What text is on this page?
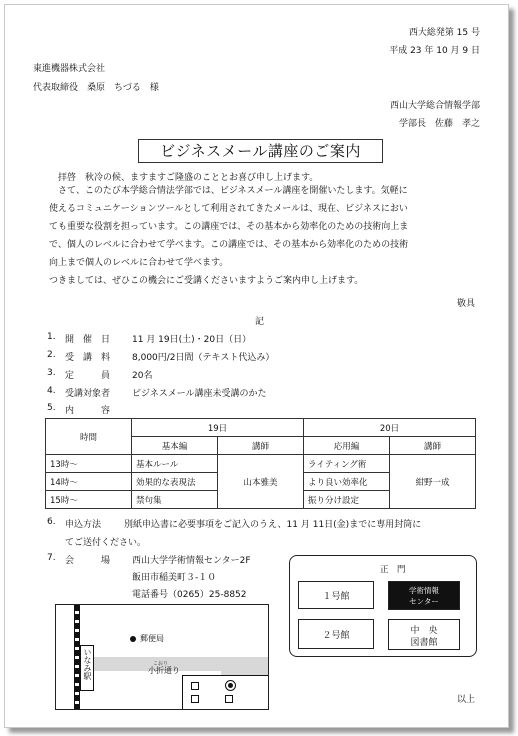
西大総発第 15 号
平成 23 年 10 月 9 日
東進機器株式会社
代表取締役　桑原　ちづる　様
西山大学総合情報学部
学部長　佐藤　孝之
ビジネスメール講座のご案内
拝啓　秋冷の候、ますますご隆盛のこととお喜び申し上げます。
さて、このたび本学総合情法学部では、ビジネスメール講座を開催いたします。気軽に
使えるコミュニケーションツールとして利用されてきたメールは、現在、ビジネスにおい
ても重要な役割を担っています。この講座では、その基本から効率化のための技術向上ま
で、個人のレベルに合わせて学べます。この講座では、その基本から効率化のための技術
向上まで個人のレベルに合わせて学べます。
つきましては、ぜひこの機会にご受講くださいますようご案内申し上げます。
敬具
記
1. 開　催　日 11 月 19日(土)・20日（日）
2. 受　講　料 8,000円/2日間（テキスト代込み）
3. 定　　　員 20名
4. 受講対象者 ビジネスメール講座未受講のかた
5. 内　　　容
時間	19日		20日	
	基本編	講師	応用編	講師
13時～	基本ルール	山本雅美	ライティング術	紺野一成
14時～	効果的な表現法		より良い効率化	
15時～	禁句集		振り分け設定	
6. 申込方法	別紙申込書に必要事項をご記入のうえ、11 月 11日(金)までに専用封筒に
てご送付ください。
7. 会　　　場 西山大学学術情報センター2F
飯田市稲美町３-１０
電話番号（0265）25-8852
いなみ駅
郵便局
こおり
小折通り
正　門
１号館
学術情報
センター
２号館	中　央
図書館
以上
